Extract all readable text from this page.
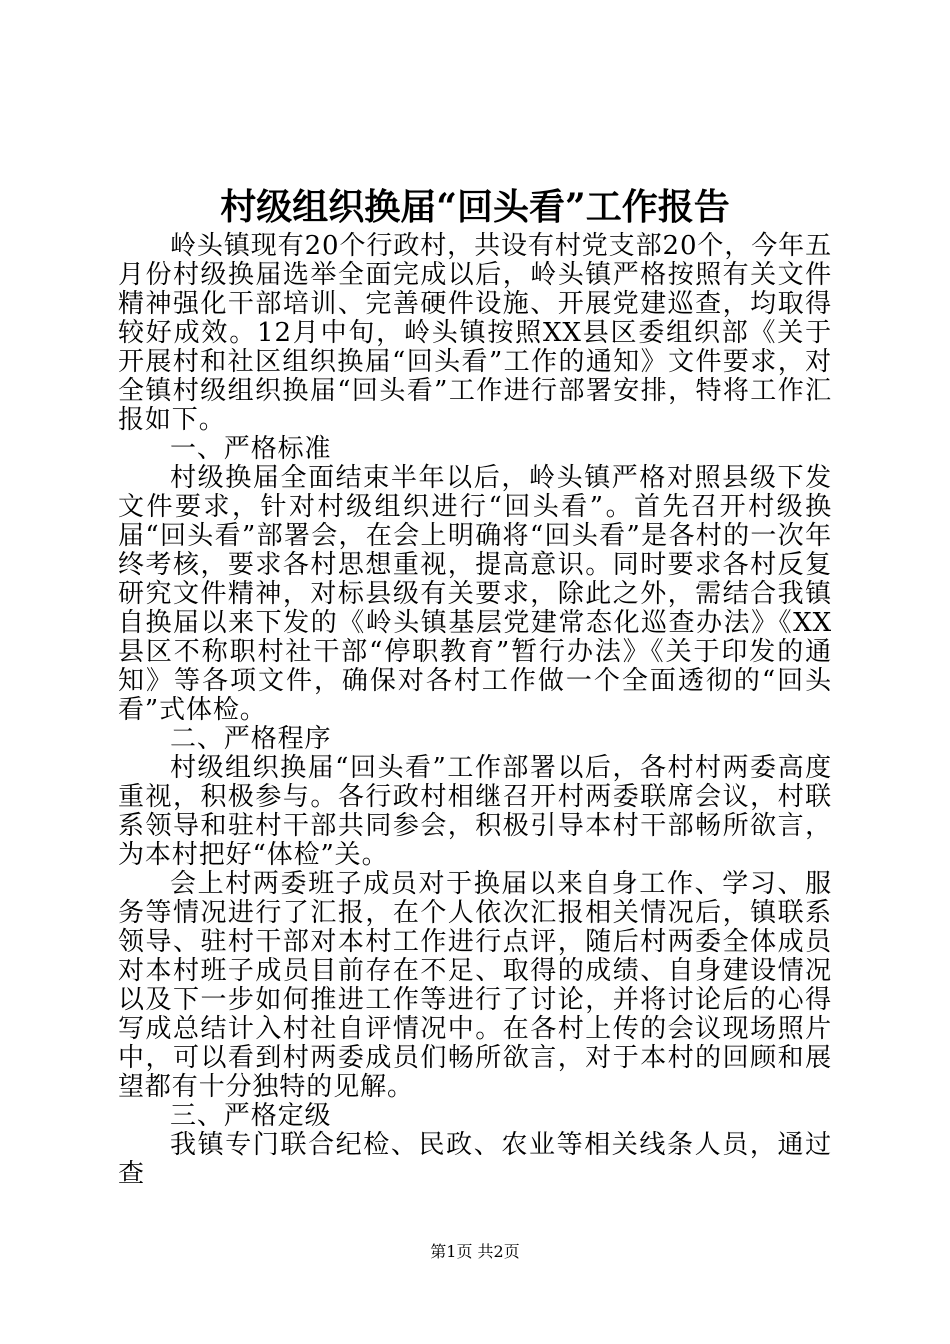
村级组织换届“回头看”工作报告

岭头镇现有20个行政村，共设有村党支部20个，今年五月份村级换届选举全面完成以后，岭头镇严格按照有关文件精神强化干部培训、完善硬件设施、开展党建巡查，均取得较好成效。12月中旬，岭头镇按照XX县区委组织部《关于开展村和社区组织换届“回头看”工作的通知》文件要求，对全镇村级组织换届“回头看”工作进行部署安排，特将工作汇报如下。

一、严格标准

村级换届全面结束半年以后，岭头镇严格对照县级下发文件要求，针对村级组织进行“回头看”。首先召开村级换届“回头看”部署会，在会上明确将“回头看”是各村的一次年终考核，要求各村思想重视，提高意识。同时要求各村反复研究文件精神，对标县级有关要求，除此之外，需结合我镇自换届以来下发的《岭头镇基层党建常态化巡查办法》《XX县区不称职村社干部“停职教育”暂行办法》《关于印发的通知》等各项文件，确保对各村工作做一个全面透彻的“回头看”式体检。

二、严格程序

村级组织换届“回头看”工作部署以后，各村村两委高度重视，积极参与。各行政村相继召开村两委联席会议，村联系领导和驻村干部共同参会，积极引导本村干部畅所欲言，为本村把好“体检”关。

会上村两委班子成员对于换届以来自身工作、学习、服务等情况进行了汇报，在个人依次汇报相关情况后，镇联系领导、驻村干部对本村工作进行点评，随后村两委全体成员对本村班子成员目前存在不足、取得的成绩、自身建设情况以及下一步如何推进工作等进行了讨论，并将讨论后的心得写成总结计入村社自评情况中。在各村上传的会议现场照片中，可以看到村两委成员们畅所欲言，对于本村的回顾和展望都有十分独特的见解。

三、严格定级

我镇专门联合纪检、民政、农业等相关线条人员，通过查

第1页 共2页
